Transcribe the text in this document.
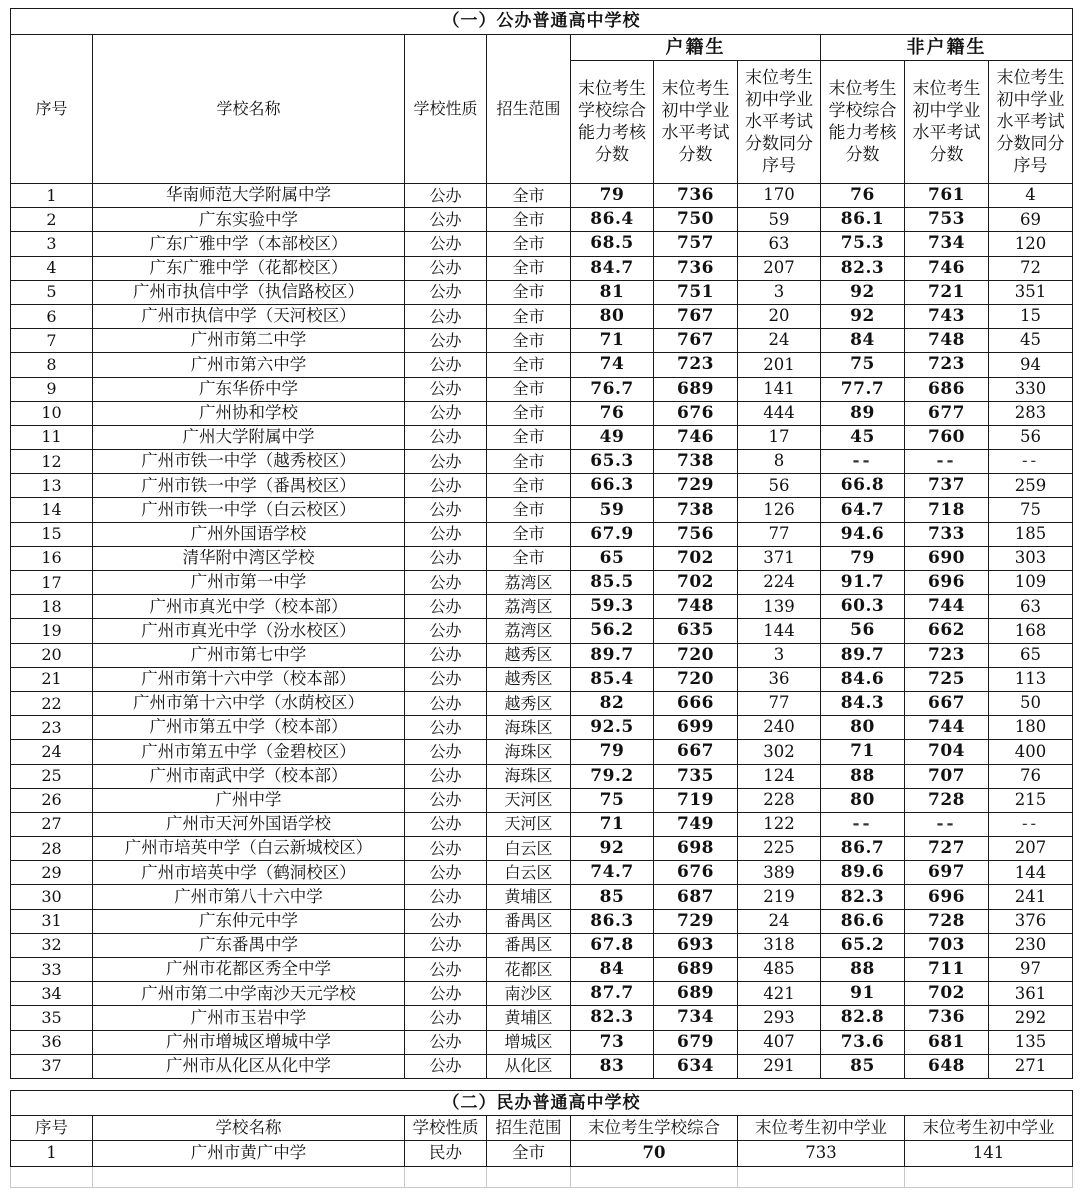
（一）公办普通高中学校									
序号	学校名称	学校性质	招生范围	户籍生			非户籍生		
				末位考生学校综合能力考核分数	末位考生初中学业水平考试分数	末位考生初中学业水平考试分数同分序号	末位考生学校综合能力考核分数	末位考生初中学业水平考试分数	末位考生初中学业水平考试分数同分序号
1	华南师范大学附属中学	公办	全市	79	736	170	76	761	4
2	广东实验中学	公办	全市	86.4	750	59	86.1	753	69
3	广东广雅中学（本部校区）	公办	全市	68.5	757	63	75.3	734	120
4	广东广雅中学（花都校区）	公办	全市	84.7	736	207	82.3	746	72
5	广州市执信中学（执信路校区）	公办	全市	81	751	3	92	721	351
6	广州市执信中学（天河校区）	公办	全市	80	767	20	92	743	15
7	广州市第二中学	公办	全市	71	767	24	84	748	45
8	广州市第六中学	公办	全市	74	723	201	75	723	94
9	广东华侨中学	公办	全市	76.7	689	141	77.7	686	330
10	广州协和学校	公办	全市	76	676	444	89	677	283
11	广州大学附属中学	公办	全市	49	746	17	45	760	56
12	广州市铁一中学（越秀校区）	公办	全市	65.3	738	8	--	--	--
13	广州市铁一中学（番禺校区）	公办	全市	66.3	729	56	66.8	737	259
14	广州市铁一中学（白云校区）	公办	全市	59	738	126	64.7	718	75
15	广州外国语学校	公办	全市	67.9	756	77	94.6	733	185
16	清华附中湾区学校	公办	全市	65	702	371	79	690	303
17	广州市第一中学	公办	荔湾区	85.5	702	224	91.7	696	109
18	广州市真光中学（校本部）	公办	荔湾区	59.3	748	139	60.3	744	63
19	广州市真光中学（汾水校区）	公办	荔湾区	56.2	635	144	56	662	168
20	广州市第七中学	公办	越秀区	89.7	720	3	89.7	723	65
21	广州市第十六中学（校本部）	公办	越秀区	85.4	720	36	84.6	725	113
22	广州市第十六中学（水荫校区）	公办	越秀区	82	666	77	84.3	667	50
23	广州市第五中学（校本部）	公办	海珠区	92.5	699	240	80	744	180
24	广州市第五中学（金碧校区）	公办	海珠区	79	667	302	71	704	400
25	广州市南武中学（校本部）	公办	海珠区	79.2	735	124	88	707	76
26	广州中学	公办	天河区	75	719	228	80	728	215
27	广州市天河外国语学校	公办	天河区	71	749	122	--	--	--
28	广州市培英中学（白云新城校区）	公办	白云区	92	698	225	86.7	727	207
29	广州市培英中学（鹤洞校区）	公办	白云区	74.7	676	389	89.6	697	144
30	广州市第八十六中学	公办	黄埔区	85	687	219	82.3	696	241
31	广东仲元中学	公办	番禺区	86.3	729	24	86.6	728	376
32	广东番禺中学	公办	番禺区	67.8	693	318	65.2	703	230
33	广州市花都区秀全中学	公办	花都区	84	689	485	88	711	97
34	广州市第二中学南沙天元学校	公办	南沙区	87.7	689	421	91	702	361
35	广州市玉岩中学	公办	黄埔区	82.3	734	293	82.8	736	292
36	广州市增城区增城中学	公办	增城区	73	679	407	73.6	681	135
37	广州市从化区从化中学	公办	从化区	83	634	291	85	648	271
（二）民办普通高中学校						
序号	学校名称	学校性质	招生范围	末位考生学校综合	末位考生初中学业	末位考生初中学业
1	广州市黄广中学	民办	全市	70	733	141
